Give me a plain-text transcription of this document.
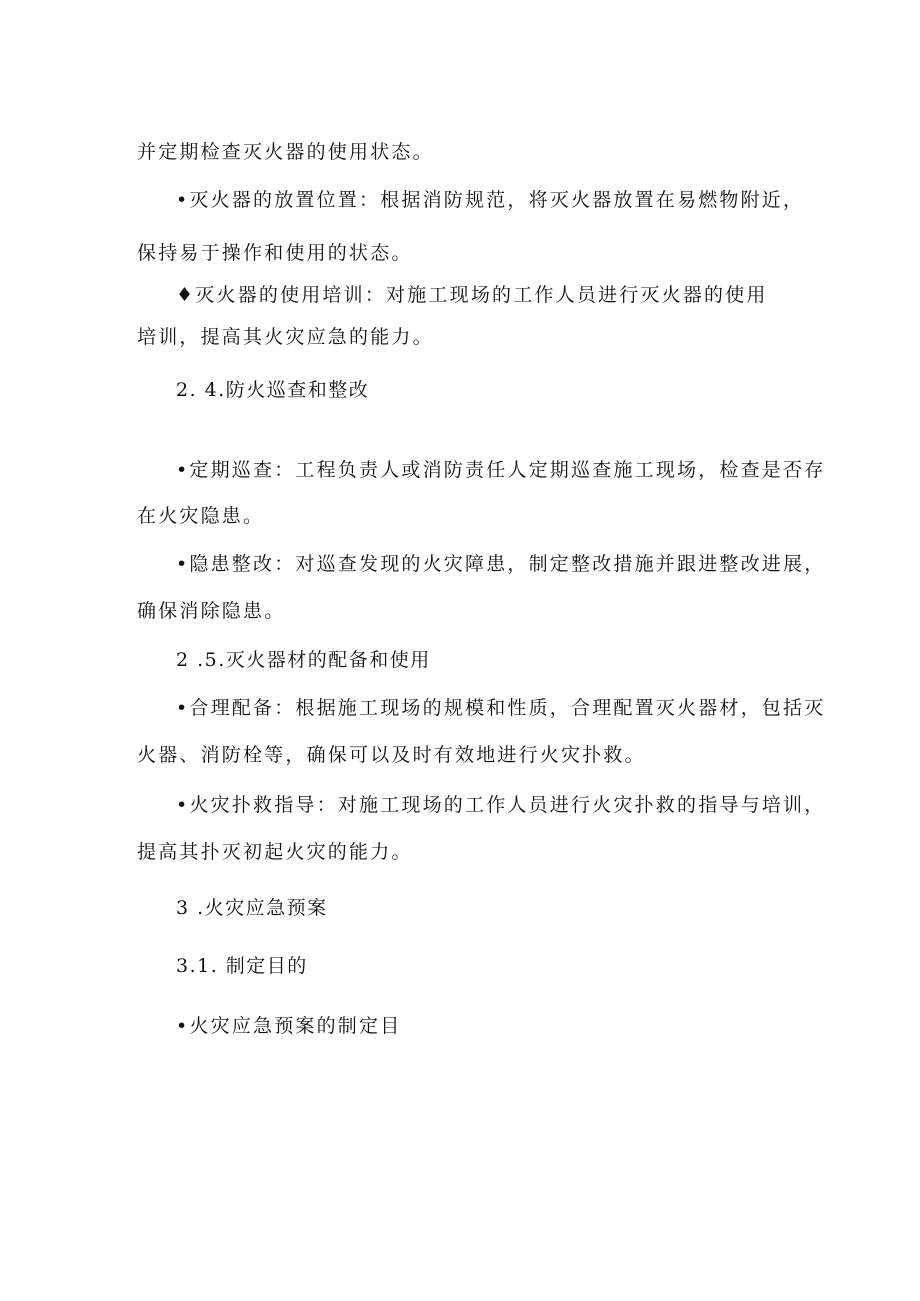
并定期检查灭火器的使用状态。
•灭火器的放置位置：根据消防规范，将灭火器放置在易燃物附近，
保持易于操作和使用的状态。
♦灭火器的使用培训：对施工现场的工作人员进行灭火器的使用
培训，提高其火灾应急的能力。
2. 4.防火巡查和整改
•定期巡查：工程负责人或消防责任人定期巡查施工现场，检查是否存
在火灾隐患。
•隐患整改：对巡查发现的火灾障患，制定整改措施并跟进整改进展，
确保消除隐患。
2 .5.灭火器材的配备和使用
•合理配备：根据施工现场的规模和性质，合理配置灭火器材，包括灭
火器、消防栓等，确保可以及时有效地进行火灾扑救。
•火灾扑救指导：对施工现场的工作人员进行火灾扑救的指导与培训，
提高其扑灭初起火灾的能力。
3 .火灾应急预案
3.1. 制定目的
•火灾应急预案的制定目
